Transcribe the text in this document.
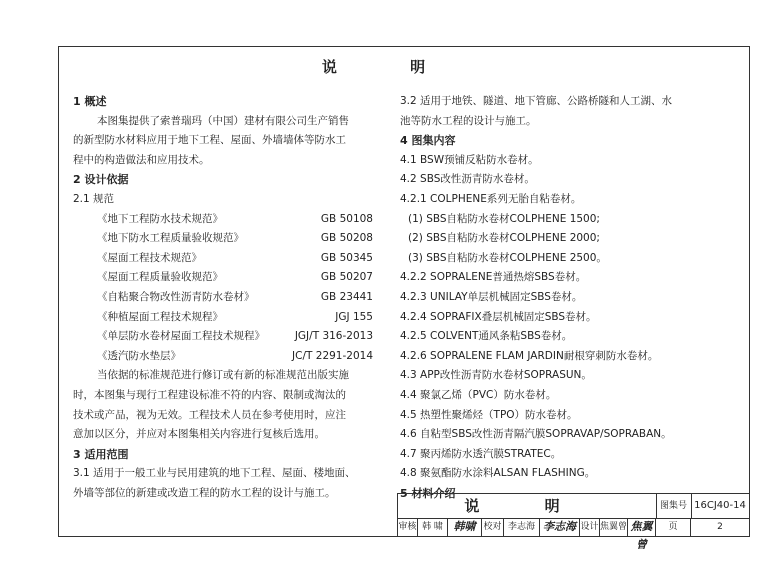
说 明
1 概述
本图集提供了索普瑞玛（中国）建材有限公司生产销售
的新型防水材料应用于地下工程、屋面、外墙墙体等防水工
程中的构造做法和应用技术。
2 设计依据
2.1 规范
《地下工程防水技术规范》	GB 50108
《地下防水工程质量验收规范》	GB 50208
《屋面工程技术规范》	GB 50345
《屋面工程质量验收规范》	GB 50207
《自粘聚合物改性沥青防水卷材》	GB 23441
《种植屋面工程技术规程》	JGJ 155
《单层防水卷材屋面工程技术规程》	JGJ/T 316-2013
《透汽防水垫层》	JC/T 2291-2014
当依据的标准规范进行修订或有新的标准规范出版实施
时，本图集与现行工程建设标准不符的内容、限制或淘汰的
技术或产品，视为无效。工程技术人员在参考使用时，应注
意加以区分，并应对本图集相关内容进行复核后选用。
3 适用范围
3.1 适用于一般工业与民用建筑的地下工程、屋面、楼地面、
外墙等部位的新建或改造工程的防水工程的设计与施工。
3.2 适用于地铁、隧道、地下管廊、公路桥隧和人工湖、水
池等防水工程的设计与施工。
4 图集内容
4.1 BSW预铺反粘防水卷材。
4.2 SBS改性沥青防水卷材。
4.2.1 COLPHENE系列无胎自粘卷材。
(1) SBS自粘防水卷材COLPHENE 1500;
(2) SBS自粘防水卷材COLPHENE 2000;
(3) SBS自粘防水卷材COLPHENE 2500。
4.2.2 SOPRALENE普通热熔SBS卷材。
4.2.3 UNILAY单层机械固定SBS卷材。
4.2.4 SOPRAFIX叠层机械固定SBS卷材。
4.2.5 COLVENT通风条粘SBS卷材。
4.2.6 SOPRALENE FLAM JARDIN耐根穿刺防水卷材。
4.3 APP改性沥青防水卷材SOPRASUN。
4.4 聚氯乙烯（PVC）防水卷材。
4.5 热塑性聚烯烃（TPO）防水卷材。
4.6 自粘型SBS改性沥青隔汽膜SOPRAVAP/SOPRABAN。
4.7 聚丙烯防水透汽膜STRATEC。
4.8 聚氨酯防水涂料ALSAN FLASHING。
5 材料介绍
说 明	图集号 16CJ40-14
审核 韩 啸 韩啸 校对 李志海 李志海 设计 焦翼曾 焦翼曾
页	2
